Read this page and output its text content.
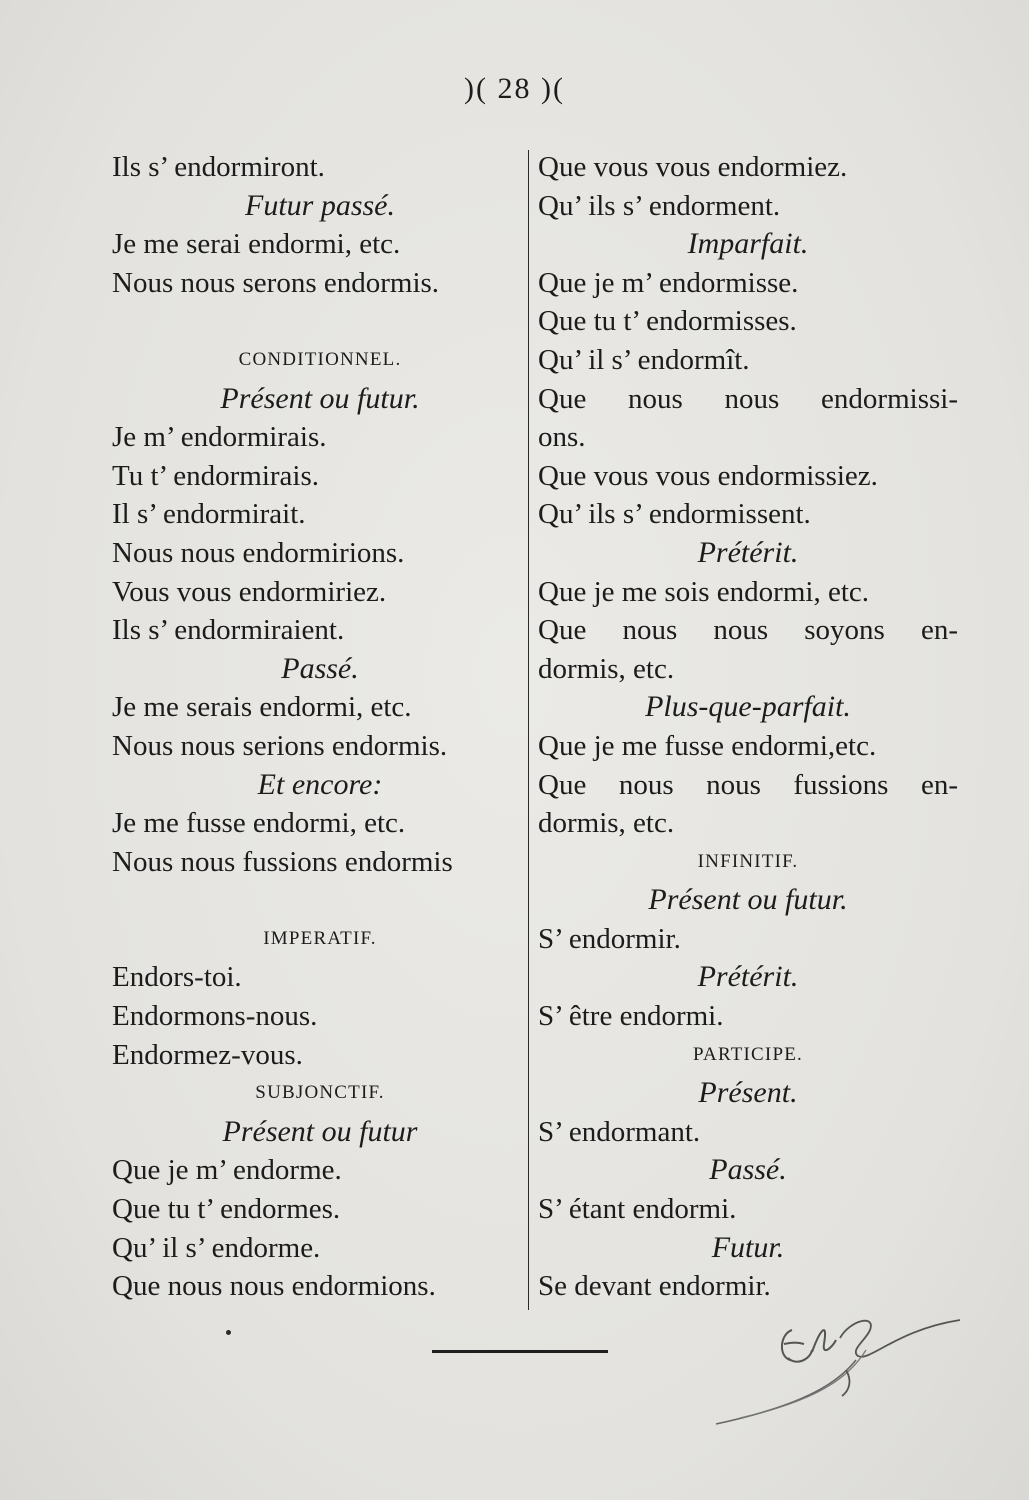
)( 28 )(
Ils s’ endormiront.
Futur passé.
Je me serai endormi, etc.
Nous nous serons endormis.
CONDITIONNEL.
Présent ou futur.
Je m’ endormirais.
Tu t’ endormirais.
Il s’ endormirait.
Nous nous endormirions.
Vous vous endormiriez.
Ils s’ endormiraient.
Passé.
Je me serais endormi, etc.
Nous nous serions endormis.
Et encore:
Je me fusse endormi, etc.
Nous nous fussions endormis
IMPERATIF.
Endors-toi.
Endormons-nous.
Endormez-vous.
SUBJONCTIF.
Présent ou futur
Que je m’ endorme.
Que tu t’ endormes.
Qu’ il s’ endorme.
Que nous nous endormions.
Que vous vous endormiez.
Qu’ ils s’ endorment.
Imparfait.
Que je m’ endormisse.
Que tu t’ endormisses.
Qu’ il s’ endormît.
Que nous nous endormissi-
ons.
Que vous vous endormissiez.
Qu’ ils s’ endormissent.
Prétérit.
Que je me sois endormi, etc.
Que nous nous soyons en-
dormis, etc.
Plus-que-parfait.
Que je me fusse endormi,etc.
Que nous nous fussions en-
dormis, etc.
INFINITIF.
Présent ou futur.
S’ endormir.
Prétérit.
S’ être endormi.
PARTICIPE.
Présent.
S’ endormant.
Passé.
S’ étant endormi.
Futur.
Se devant endormir.
